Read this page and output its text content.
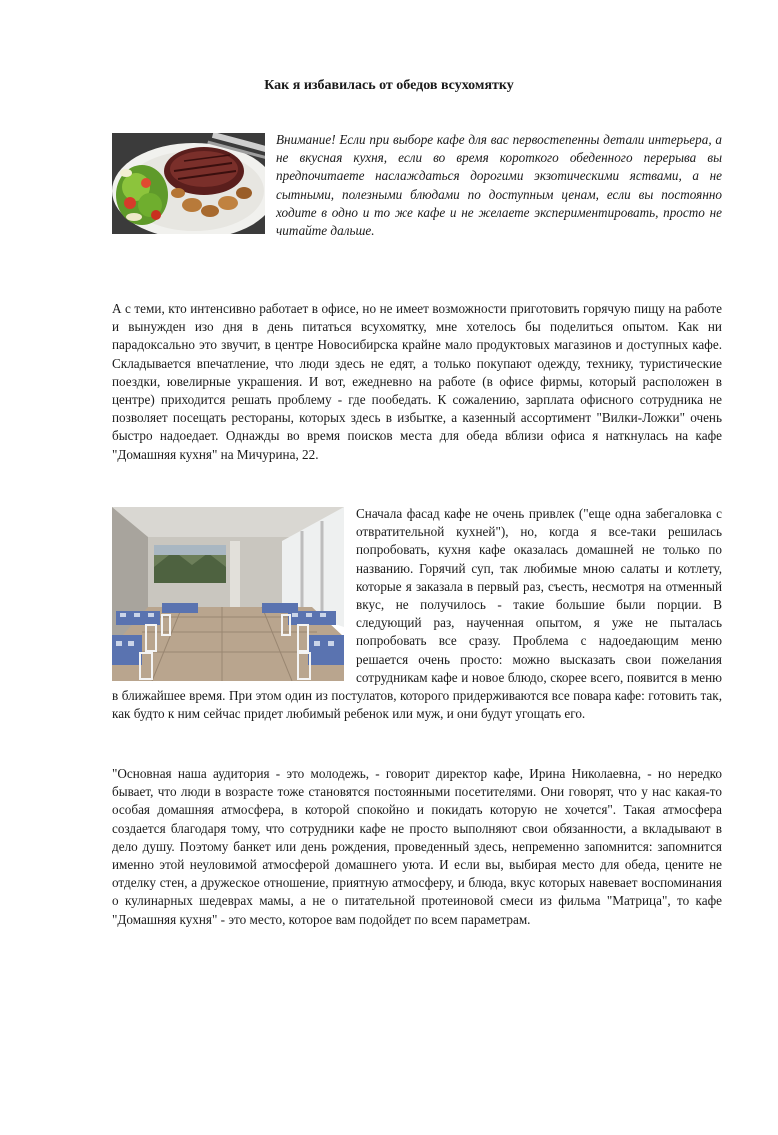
Как я избавилась от обедов всухомятку
Внимание! Если при выборе кафе для вас первостепенны детали интерьера, а не вкусная кухня, если во время короткого обеденного перерыва вы предпочитаете наслаждаться дорогими экзотическими яствами, а не сытными, полезными блюдами по доступным ценам, если вы постоянно ходите в одно и то же кафе и не желаете экспериментировать, просто не читайте дальше.
А с теми, кто интенсивно работает в офисе, но не имеет возможности приготовить горячую пищу на работе и вынужден изо дня в день питаться всухомятку, мне хотелось бы поделиться опытом. Как ни парадоксально это звучит, в центре Новосибирска крайне мало продуктовых магазинов и доступных кафе. Складывается впечатление, что люди здесь не едят, а только покупают одежду, технику, туристические поездки, ювелирные украшения. И вот, ежедневно на работе (в офисе фирмы, который расположен в центре) приходится решать проблему - где пообедать. К сожалению, зарплата офисного сотрудника не позволяет посещать рестораны, которых здесь в избытке, а казенный ассортимент "Вилки-Ложки" очень быстро надоедает. Однажды во время поисков места для обеда вблизи офиса я наткнулась на кафе "Домашняя кухня" на Мичурина, 22.
Сначала фасад кафе не очень привлек ("еще одна забегаловка с отвратительной кухней"), но, когда я все-таки решилась попробовать, кухня кафе оказалась домашней не только по названию. Горячий суп, так любимые мною салаты и котлету, которые я заказала в первый раз, съесть, несмотря на отменный вкус, не получилось - такие большие были порции. В следующий раз, наученная опытом, я уже не пыталась попробовать все сразу. Проблема с надоедающим меню решается очень просто: можно высказать свои пожелания сотрудникам кафе и новое блюдо, скорее всего, появится в меню в ближайшее время. При этом один из постулатов, которого придерживаются все повара кафе: готовить так, как будто к ним сейчас придет любимый ребенок или муж, и они будут угощать его.
"Основная наша аудитория - это молодежь, - говорит директор кафе, Ирина Николаевна, - но нередко бывает, что люди в возрасте тоже становятся постоянными посетителями. Они говорят, что у нас какая-то особая домашняя атмосфера, в которой спокойно и покидать которую не хочется". Такая атмосфера создается благодаря тому, что сотрудники кафе не просто выполняют свои обязанности, а вкладывают в дело душу. Поэтому банкет или день рождения, проведенный здесь, непременно запомнится: запомнится именно этой неуловимой атмосферой домашнего уюта. И если вы, выбирая место для обеда, цените не отделку стен, а дружеское отношение, приятную атмосферу, и блюда, вкус которых навевает воспоминания о кулинарных шедеврах мамы, а не о питательной протеиновой смеси из фильма "Матрица", то кафе "Домашняя кухня" - это место, которое вам подойдет по всем параметрам.
